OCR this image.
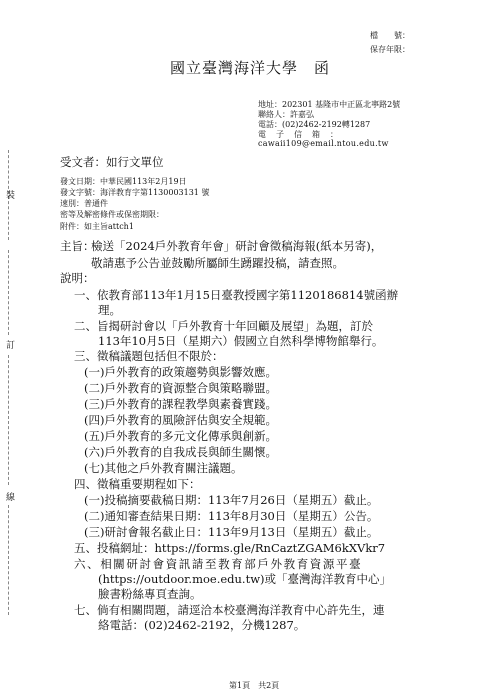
裝
訂
線
檔　　號：
保存年限：
國立臺灣海洋大學　函
地址：202301 基隆市中正區北寧路2號
聯絡人：許嘉弘
電話：(02)2462-2192轉1287
電　子　信　箱　：
cawaii109@email.ntou.edu.tw
受文者：如行文單位
發文日期：中華民國113年2月19日
發文字號：海洋教育字第1130003131 號
速別：普通件
密等及解密條件或保密期限：
附件：如主旨attch1
主旨：
檢送「2024戶外教育年會」研討會徵稿海報(紙本另寄)，
敬請惠予公告並鼓勵所屬師生踴躍投稿，請查照。
說明：
一、依教育部113年1月15日臺教授國字第1120186814號函辦
理。
二、旨揭研討會以「戶外教育十年回顧及展望」為題，訂於
113年10月5日（星期六）假國立自然科學博物館舉行。
三、徵稿議題包括但不限於：
(一)戶外教育的政策趨勢與影響效應。
(二)戶外教育的資源整合與策略聯盟。
(三)戶外教育的課程教學與素養實踐。
(四)戶外教育的風險評估與安全規範。
(五)戶外教育的多元文化傳承與創新。
(六)戶外教育的自我成長與師生關懷。
(七)其他之戶外教育關注議題。
四、徵稿重要期程如下：
(一)投稿摘要截稿日期：113年7月26日（星期五）截止。
(二)通知審查結果日期：113年8月30日（星期五）公告。
(三)研討會報名截止日：113年9月13日（星期五）截止。
五、投稿網址：https://forms.gle/RnCaztZGAM6kXVkr7
六、相關研討會資訊請至教育部戶外教育資源平臺
(https://outdoor.moe.edu.tw)或「臺灣海洋教育中心」
臉書粉絲專頁查詢。
七、倘有相關問題，請逕洽本校臺灣海洋教育中心許先生，連
絡電話：(02)2462-2192，分機1287。
第1頁　共2頁
